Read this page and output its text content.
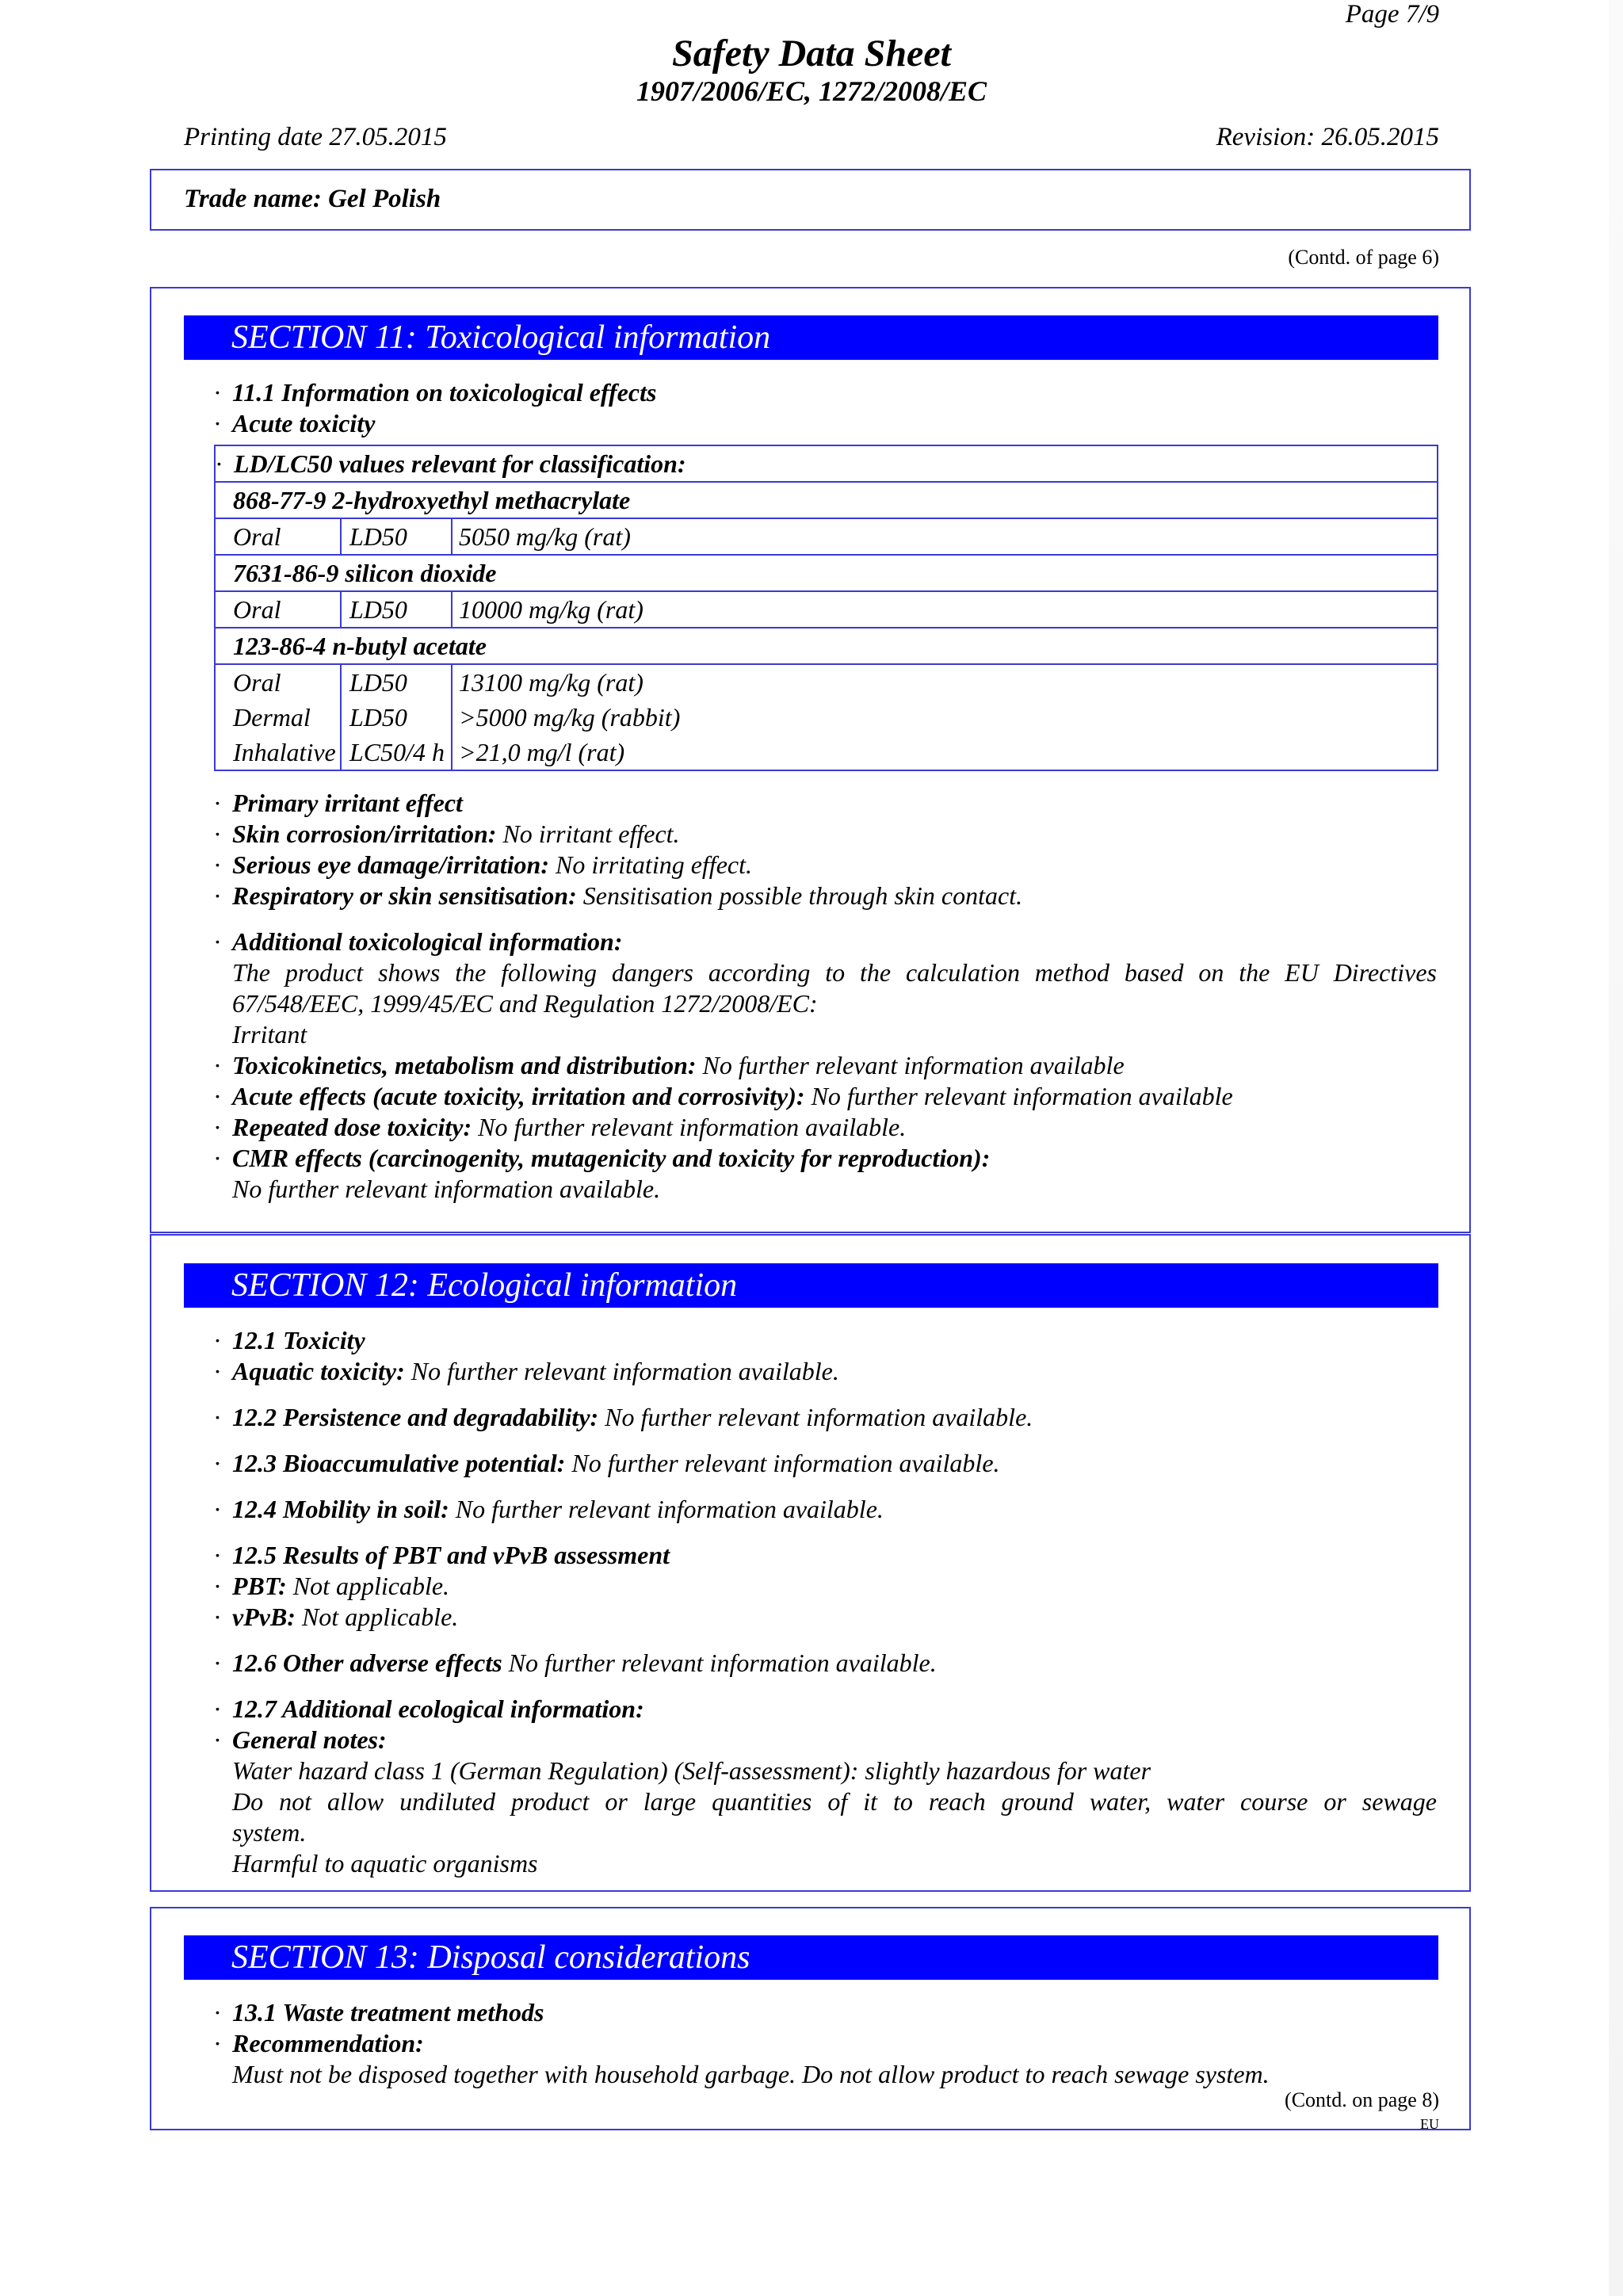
Page 7/9
Safety Data Sheet
1907/2006/EC, 1272/2008/EC
Printing date 27.05.2015	Revision: 26.05.2015
Trade name: Gel Polish
(Contd. of page 6)
SECTION 11: Toxicological information
· 11.1 Information on toxicological effects
· Acute toxicity
· LD/LC50 values relevant for classification:		
868-77-9 2-hydroxyethyl methacrylate		
Oral	LD50	5050 mg/kg (rat)
7631-86-9 silicon dioxide		
Oral	LD50	10000 mg/kg (rat)
123-86-4 n-butyl acetate		
Oral	LD50	13100 mg/kg (rat)
Dermal	LD50	>5000 mg/kg (rabbit)
Inhalative	LC50/4 h	>21,0 mg/l (rat)
· Primary irritant effect
· Skin corrosion/irritation: No irritant effect.
· Serious eye damage/irritation: No irritating effect.
· Respiratory or skin sensitisation: Sensitisation possible through skin contact.
· Additional toxicological information:
The product shows the following dangers according to the calculation method based on the EU Directives
67/548/EEC, 1999/45/EC and Regulation 1272/2008/EC:
Irritant
· Toxicokinetics, metabolism and distribution: No further relevant information available
· Acute effects (acute toxicity, irritation and corrosivity): No further relevant information available
· Repeated dose toxicity: No further relevant information available.
· CMR effects (carcinogenity, mutagenicity and toxicity for reproduction):
No further relevant information available.
SECTION 12: Ecological information
· 12.1 Toxicity
· Aquatic toxicity: No further relevant information available.
· 12.2 Persistence and degradability: No further relevant information available.
· 12.3 Bioaccumulative potential: No further relevant information available.
· 12.4 Mobility in soil: No further relevant information available.
· 12.5 Results of PBT and vPvB assessment
· PBT: Not applicable.
· vPvB: Not applicable.
· 12.6 Other adverse effects No further relevant information available.
· 12.7 Additional ecological information:
· General notes:
Water hazard class 1 (German Regulation) (Self-assessment): slightly hazardous for water
Do not allow undiluted product or large quantities of it to reach ground water, water course or sewage
system.
Harmful to aquatic organisms
SECTION 13: Disposal considerations
· 13.1 Waste treatment methods
· Recommendation:
Must not be disposed together with household garbage. Do not allow product to reach sewage system.
(Contd. on page 8)
EU
